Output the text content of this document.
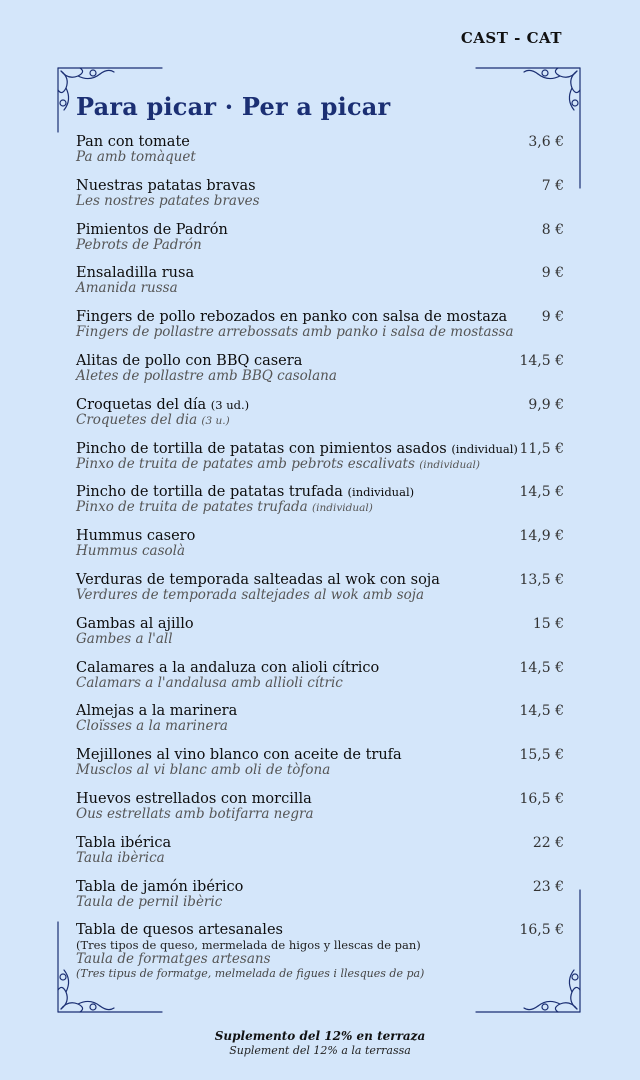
CAST - CAT
Para picar · Per a picar
Pan con tomate	3,6 €
Pa amb tomàquet
Nuestras patatas bravas	7 €
Les nostres patates braves
Pimientos de Padrón	8 €
Pebrots de Padrón
Ensaladilla rusa	9 €
Amanida russa
Fingers de pollo rebozados en panko con salsa de mostaza 9 €
Fingers de pollastre arrebossats amb panko i salsa de mostassa
Alitas de pollo con BBQ casera	14,5 €
Aletes de pollastre amb BBQ casolana
Croquetas del día (3 ud.)	9,9 €
Croquetes del dia (3 u.)
Pincho de tortilla de patatas con pimientos asados (individual) 11,5 €
Pinxo de truita de patates amb pebrots escalivats (individual)
Pincho de tortilla de patatas trufada (individual)	14,5 €
Pinxo de truita de patates trufada (individual)
Hummus casero	14,9 €
Hummus casolà
Verduras de temporada salteadas al wok con soja	13,5 €
Verdures de temporada saltejades al wok amb soja
Gambas al ajillo	15 €
Gambes a l'all
Calamares a la andaluza con alioli cítrico	14,5 €
Calamars a l'andalusa amb allioli cítric
Almejas a la marinera	14,5 €
Cloïsses a la marinera
Mejillones al vino blanco con aceite de trufa	15,5 €
Musclos al vi blanc amb oli de tòfona
Huevos estrellados con morcilla	16,5 €
Ous estrellats amb botifarra negra
Tabla ibérica	22 €
Taula ibèrica
Tabla de jamón ibérico	23 €
Taula de pernil ibèric
Tabla de quesos artesanales	16,5 €
(Tres tipos de queso, mermelada de higos y llescas de pan)
Taula de formatges artesans
(Tres tipus de formatge, melmelada de figues i llesques de pa)
Suplemento del 12% en terraza
Suplement del 12% a la terrassa
